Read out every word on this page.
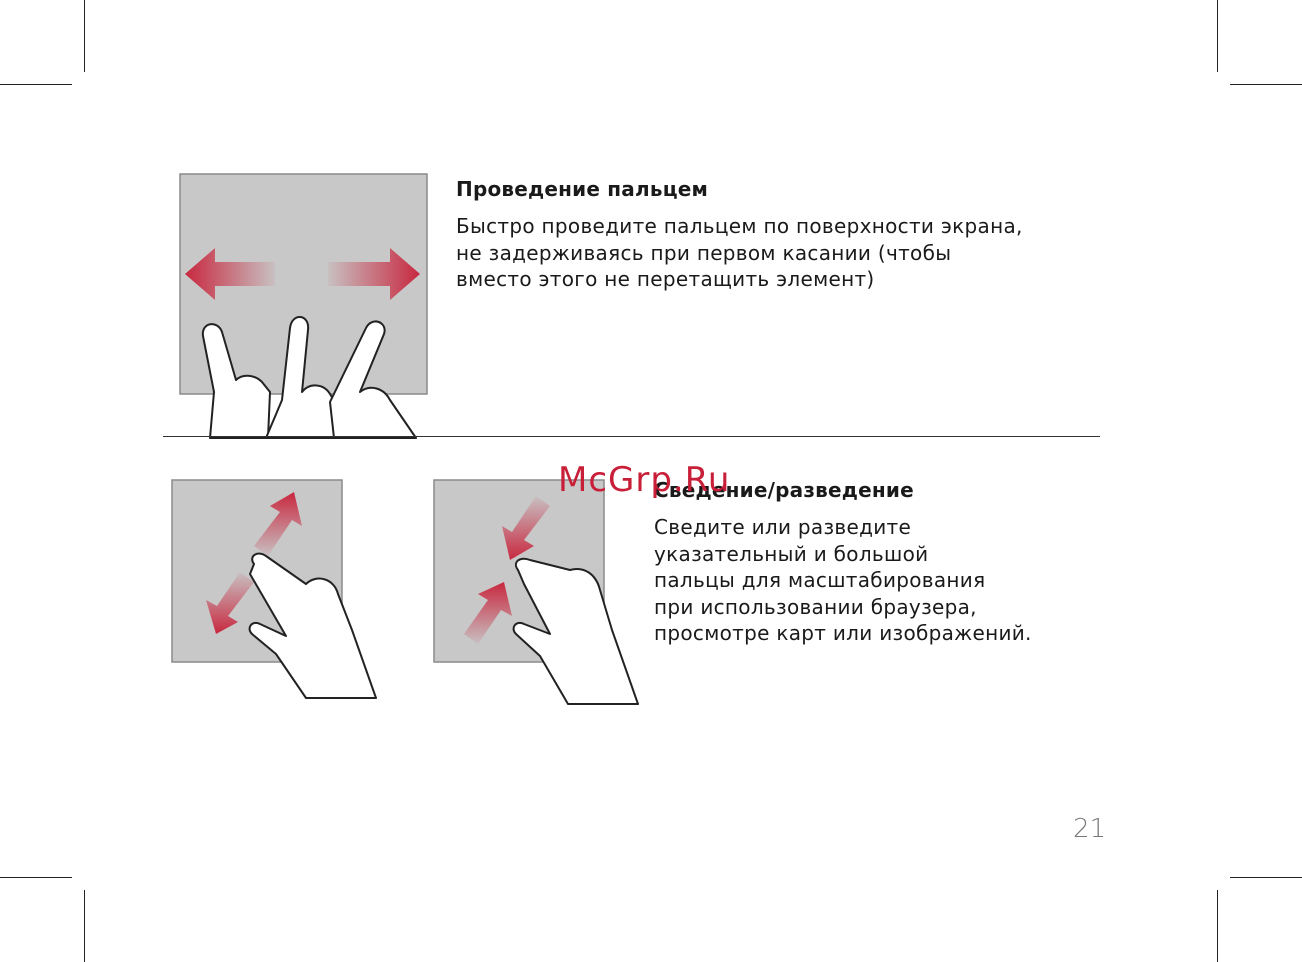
Проведение пальцем

Быстро проведите пальцем по поверхности экрана,
не задерживаясь при первом касании (чтобы
вместо этого не перетащить элемент)

Сведение/разведение

Сведите или разведите
указательный и большой
пальцы для масштабирования
при использовании браузера,
просмотре карт или изображений.

McGrp.Ru
21
